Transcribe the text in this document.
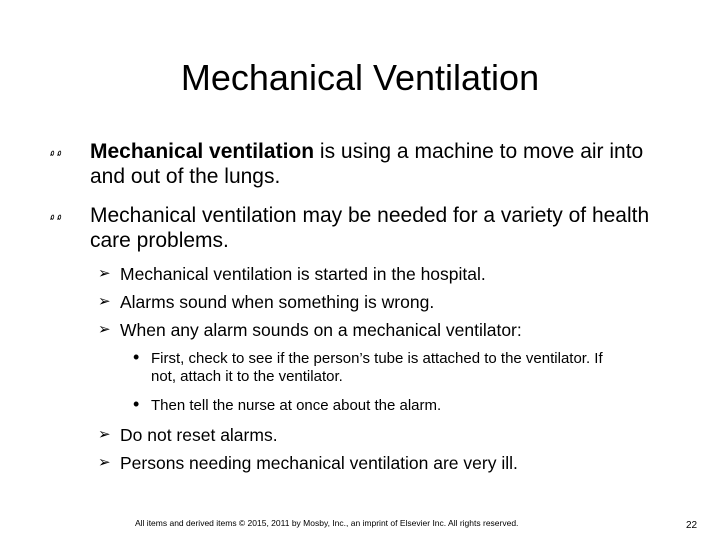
Mechanical Ventilation
Mechanical ventilation is using a machine to move air into and out of the lungs.
Mechanical ventilation may be needed for a variety of health care problems.
➢ Mechanical ventilation is started in the hospital.
➢ Alarms sound when something is wrong.
➢ When any alarm sounds on a mechanical ventilator:
• First, check to see if the person’s tube is attached to the ventilator. If not, attach it to the ventilator.
• Then tell the nurse at once about the alarm.
➢ Do not reset alarms.
➢ Persons needing mechanical ventilation are very ill.
All items and derived items © 2015, 2011 by Mosby, Inc., an imprint of Elsevier Inc. All rights reserved.	22
